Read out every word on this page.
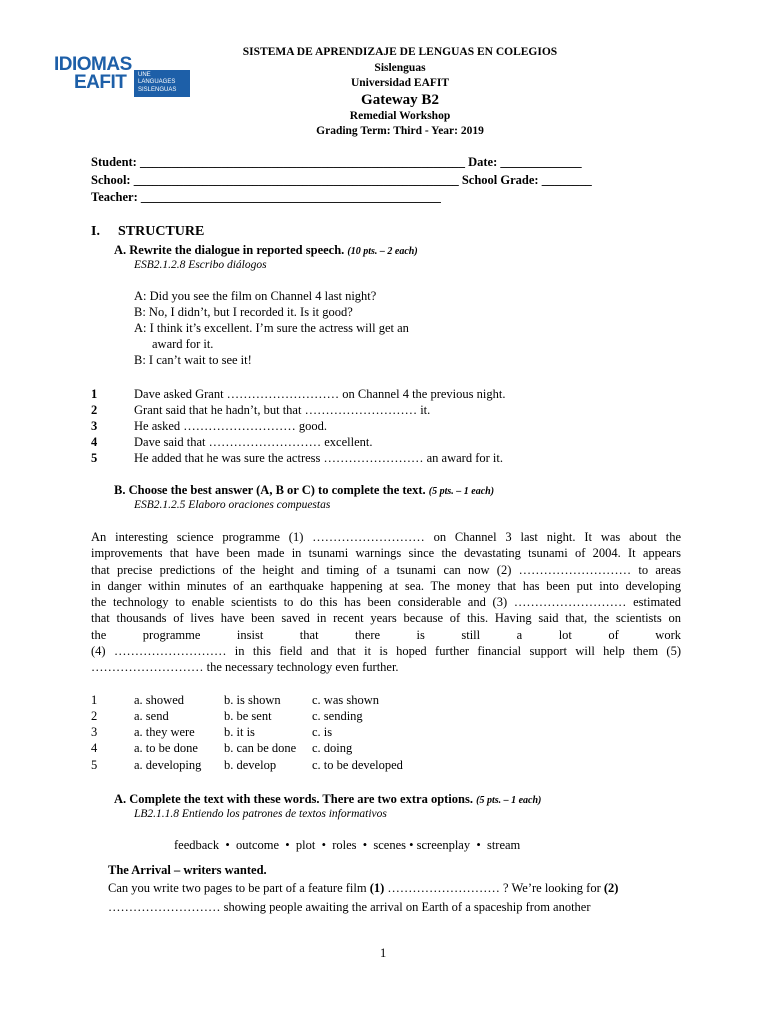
IDIOMAS
EAFIT UNE
LANGUAGES
SISLENGUAS
SISTEMA DE APRENDIZAJE DE LENGUAS EN COLEGIOS
Sislenguas
Universidad EAFIT
Gateway B2
Remedial Workshop
Grading Term: Third - Year: 2019
Student: ____________________________________________________ Date: _____________
School: ____________________________________________________ School Grade: ________
Teacher: ________________________________________________
I. STRUCTURE
A. Rewrite the dialogue in reported speech. (10 pts. – 2 each)
ESB2.1.2.8 Escribo diálogos
A: Did you see the film on Channel 4 last night?
B: No, I didn’t, but I recorded it. Is it good?
A: I think it’s excellent. I’m sure the actress will get an
award for it.
B: I can’t wait to see it!
1	Dave asked Grant ……………………… on Channel 4 the previous night.
2	Grant said that he hadn’t, but that ……………………… it.
3	He asked ……………………… good.
4	Dave said that ……………………… excellent.
5	He added that he was sure the actress …………………… an award for it.
B. Choose the best answer (A, B or C) to complete the text. (5 pts. – 1 each)
ESB2.1.2.5 Elaboro oraciones compuestas
An interesting science programme (1) ……………………… on Channel 3 last night. It was about the
improvements that have been made in tsunami warnings since the devastating tsunami of 2004. It appears
that precise predictions of the height and timing of a tsunami can now (2) ……………………… to areas
in danger within minutes of an earthquake happening at sea. The money that has been put into developing
the technology to enable scientists to do this has been considerable and (3) ……………………… estimated
that thousands of lives have been saved in recent years because of this. Having said that, the scientists on
the programme insist that there is still a lot of work
(4) ……………………… in this field and that it is hoped further financial support will help them (5)
……………………… the necessary technology even further.
1	a. showed	b. is shown	c. was shown
2	a. send	b. be sent	c. sending
3	a. they were b. it is	c. is
4	a. to be done b. can be done c. doing
5	a. developing b. develop	c. to be developed
A. Complete the text with these words. There are two extra options. (5 pts. – 1 each)
LB2.1.1.8 Entiendo los patrones de textos informativos
feedback  •  outcome  •  plot  •  roles  •  scenes • screenplay  •  stream
The Arrival – writers wanted.
Can you write two pages to be part of a feature film (1) ……………………… ? We’re looking for (2)
……………………… showing people awaiting the arrival on Earth of a spaceship from another
1
